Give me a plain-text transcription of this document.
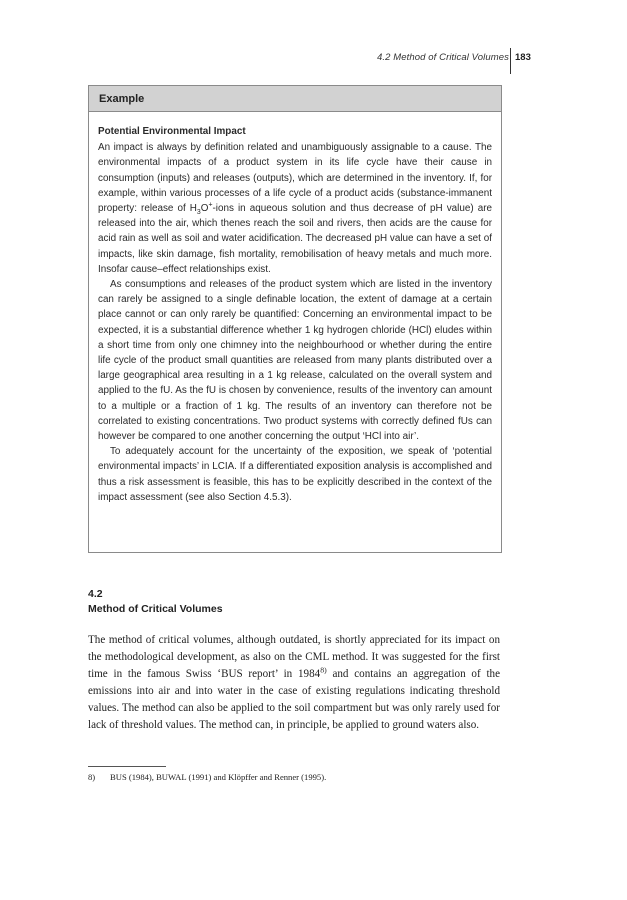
4.2 Method of Critical Volumes 183
Example
Potential Environmental Impact

An impact is always by definition related and unambiguously assignable to a cause. The environmental impacts of a product system in its life cycle have their cause in consumption (inputs) and releases (outputs), which are determined in the inventory. If, for example, within various processes of a life cycle of a product acids (substance-immanent property: release of $H_3O^+$-ions in aqueous solution and thus decrease of pH value) are released into the air, which thenes reach the soil and rivers, then acids are the cause for acid rain as well as soil and water acidification. The decreased pH value can have a set of impacts, like skin damage, fish mortality, remobilisation of heavy metals and much more. Insofar cause–effect relationships exist.

As consumptions and releases of the product system which are listed in the inventory can rarely be assigned to a single definable location, the extent of damage at a certain place cannot or can only rarely be quantified: Concerning an environmental impact to be expected, it is a substantial difference whether 1 kg hydrogen chloride (HCl) eludes within a short time from only one chimney into the neighbourhood or whether during the entire life cycle of the product small quantities are released from many plants distributed over a large geographical area resulting in a 1 kg release, calculated on the overall system and applied to the fU. As the fU is chosen by convenience, results of the inventory can amount to a multiple or a fraction of 1 kg. The results of an inventory can therefore not be correlated to existing concentrations. Two product systems with correctly defined fUs can however be compared to one another concerning the output ‘HCl into air’.

To adequately account for the uncertainty of the exposition, we speak of ‘potential environmental impacts’ in LCIA. If a differentiated exposition analysis is accomplished and thus a risk assessment is feasible, this has to be explicitly described in the context of the impact assessment (see also Section 4.5.3).

4.2
Method of Critical Volumes

The method of critical volumes, although outdated, is shortly appreciated for its impact on the methodological development, as also on the CML method. It was suggested for the first time in the famous Swiss ‘BUS report’ in 1984$^{8)}$ and contains an aggregation of the emissions into air and into water in the case of existing regulations indicating threshold values. The method can also be applied to the soil compartment but was only rarely used for lack of threshold values. The method can, in principle, be applied to ground waters also.

8) BUS (1984), BUWAL (1991) and Klöpffer and Renner (1995).
